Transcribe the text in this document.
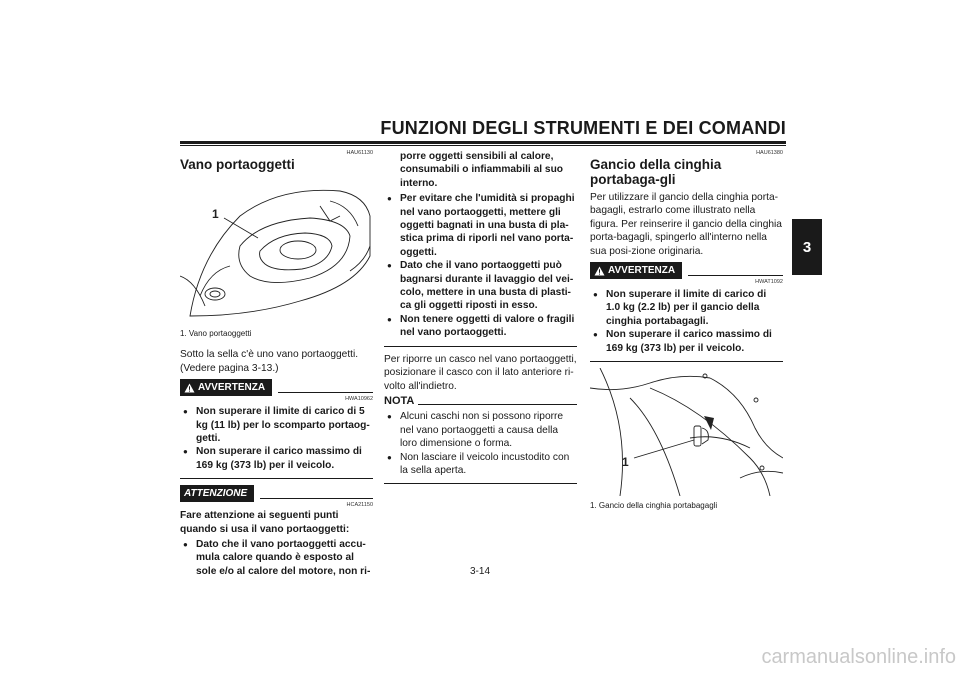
FUNZIONI DEGLI STRUMENTI E DEI COMANDI
3

HAU61130

Vano portaoggetti
1
1. Vano portaoggetti

Sotto la sella c'è uno vano portaoggetti. (Vedere pagina 3-13.)

AVVERTENZA

HWA10962

● Non superare il limite di carico di 5 kg (11 lb) per lo scomparto portaog-getti.
● Non superare il carico massimo di 169 kg (373 lb) per il veicolo.
ATTENZIONE

HCA21150

Fare attenzione ai seguenti punti quando si usa il vano portaoggetti:

● Dato che il vano portaoggetti accu-mula calore quando è esposto al sole e/o al calore del motore, non ri-

porre oggetti sensibili al calore, consumabili o infiammabili al suo interno.

● Per evitare che l'umidità si propaghi nel vano portaoggetti, mettere gli oggetti bagnati in una busta di pla-stica prima di riporli nel vano porta-oggetti.
● Dato che il vano portaoggetti può bagnarsi durante il lavaggio del vei-colo, mettere in una busta di plasti-ca gli oggetti riposti in esso.
● Non tenere oggetti di valore o fragili nel vano portaoggetti.

Per riporre un casco nel vano portaoggetti, posizionare il casco con il lato anteriore ri-volto all'indietro.

NOTA
● Alcuni caschi non si possono riporre nel vano portaoggetti a causa della loro dimensione o forma.
● Non lasciare il veicolo incustodito con la sella aperta.

HAU61380

Gancio della cinghia portabaga-gli

Per utilizzare il gancio della cinghia porta-bagagli, estrarlo come illustrato nella figura. Per reinserire il gancio della cinghia porta-bagagli, spingerlo all'interno nella sua posi-zione originaria.

AVVERTENZA

HWAT1092

● Non superare il limite di carico di 1.0 kg (2.2 lb) per il gancio della cinghia portabagagli.
● Non superare il carico massimo di 169 kg (373 lb) per il veicolo.
1
1. Gancio della cinghia portabagagli
3-14
carmanualsonline.info
